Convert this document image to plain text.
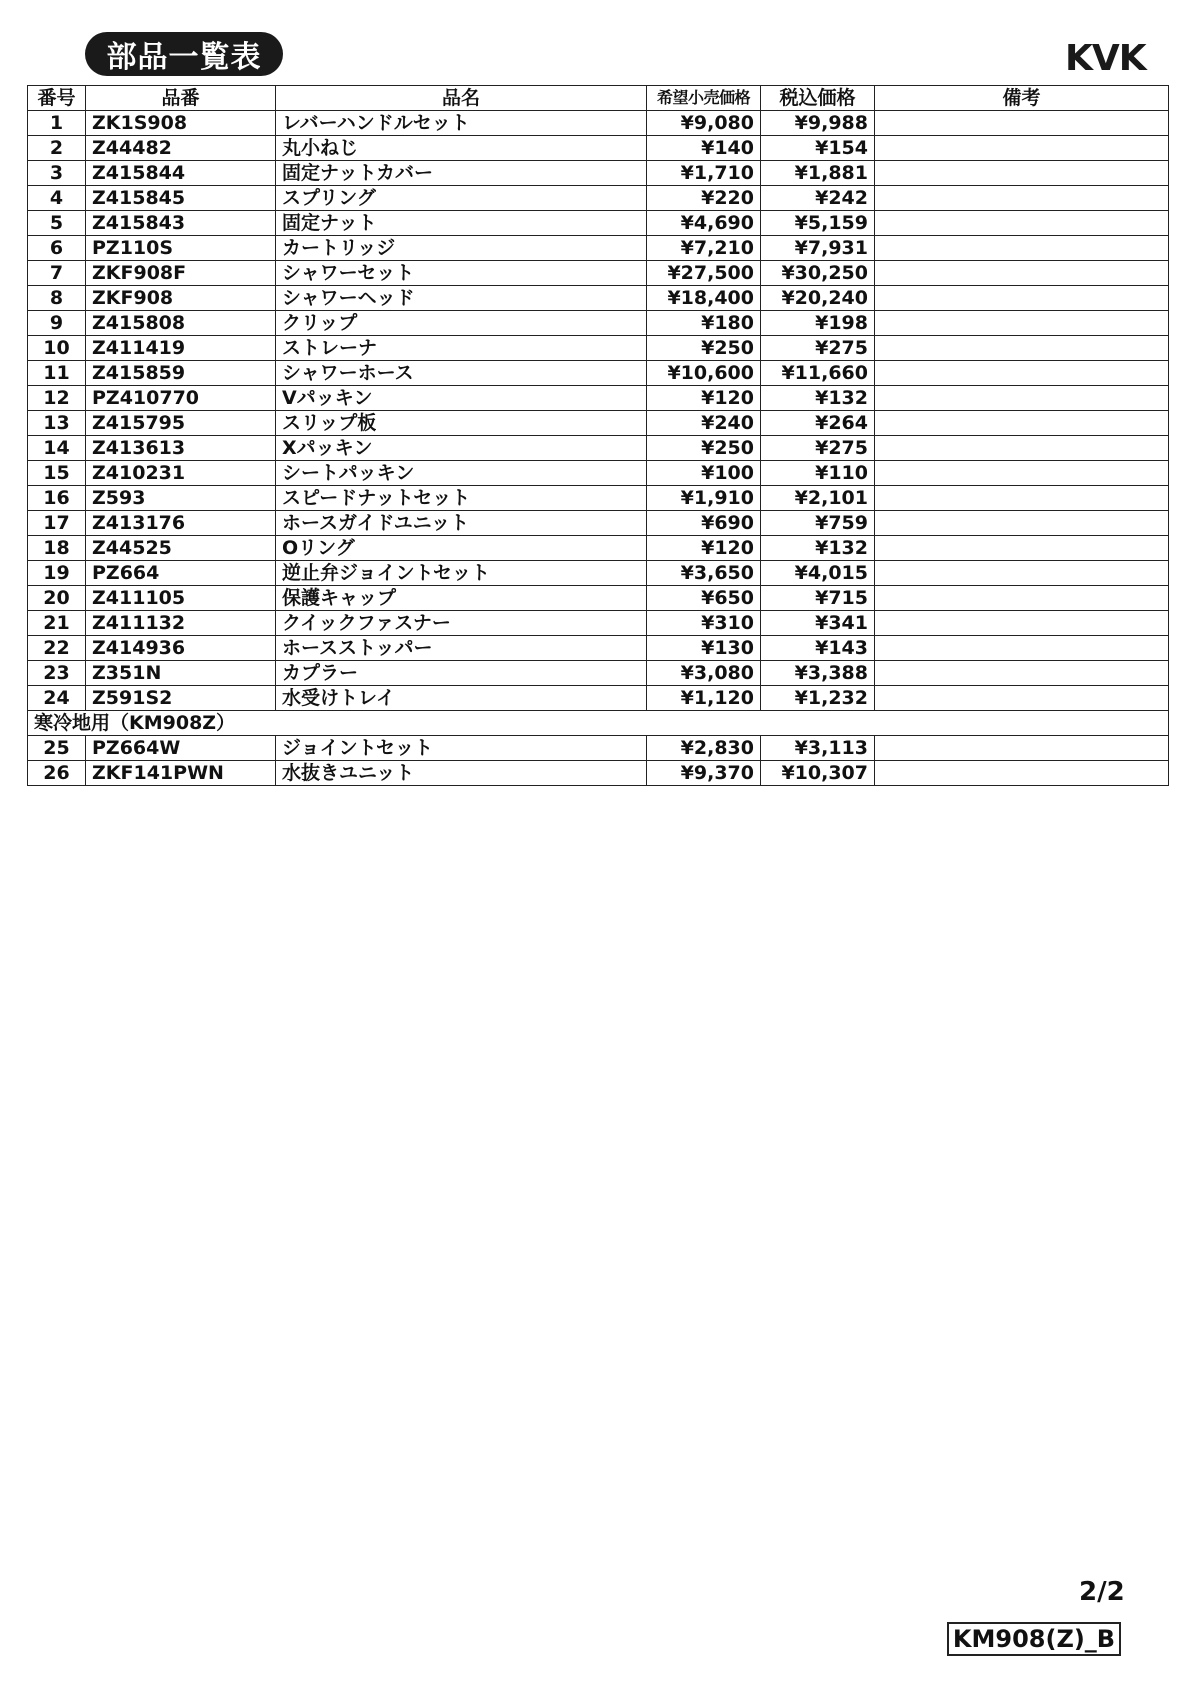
部品一覧表	KVK
番号	品番	品名	希望小売価格	税込価格	備考
1	ZK1S908	レバーハンドルセット	¥9,080	¥9,988	
2	Z44482	丸小ねじ	¥140	¥154	
3	Z415844	固定ナットカバー	¥1,710	¥1,881	
4	Z415845	スプリング	¥220	¥242	
5	Z415843	固定ナット	¥4,690	¥5,159	
6	PZ110S	カートリッジ	¥7,210	¥7,931	
7	ZKF908F	シャワーセット	¥27,500	¥30,250	
8	ZKF908	シャワーヘッド	¥18,400	¥20,240	
9	Z415808	クリップ	¥180	¥198	
10	Z411419	ストレーナ	¥250	¥275	
11	Z415859	シャワーホース	¥10,600	¥11,660	
12	PZ410770	Vパッキン	¥120	¥132	
13	Z415795	スリップ板	¥240	¥264	
14	Z413613	Xパッキン	¥250	¥275	
15	Z410231	シートパッキン	¥100	¥110	
16	Z593	スピードナットセット	¥1,910	¥2,101	
17	Z413176	ホースガイドユニット	¥690	¥759	
18	Z44525	Oリング	¥120	¥132	
19	PZ664	逆止弁ジョイントセット	¥3,650	¥4,015	
20	Z411105	保護キャップ	¥650	¥715	
21	Z411132	クイックファスナー	¥310	¥341	
22	Z414936	ホースストッパー	¥130	¥143	
23	Z351N	カプラー	¥3,080	¥3,388	
24	Z591S2	水受けトレイ	¥1,120	¥1,232	
寒冷地用（KM908Z）					
25	PZ664W	ジョイントセット	¥2,830	¥3,113	
26	ZKF141PWN	水抜きユニット	¥9,370	¥10,307	
2/2
KM908(Z)_B
